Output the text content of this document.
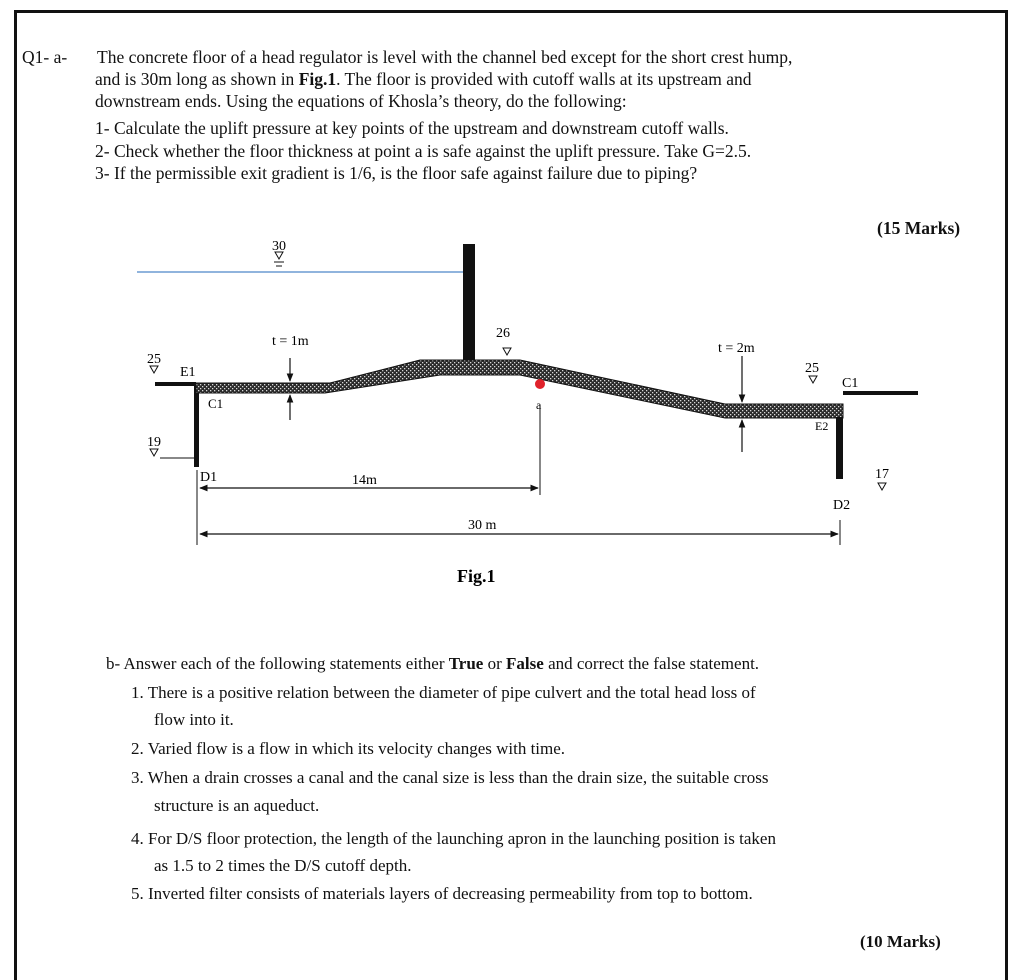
Q1- a- The concrete floor of a head regulator is level with the channel bed except for the short crest hump,
and is 30m long as shown in Fig.1. The floor is provided with cutoff walls at its upstream and
downstream ends. Using the equations of Khosla’s theory, do the following:
1- Calculate the uplift pressure at key points of the upstream and downstream cutoff walls.
2- Check whether the floor thickness at point a is safe against the uplift pressure. Take G=2.5.
3- If the permissible exit gradient is 1/6, is the floor safe against failure due to piping?
(15 Marks)
30
25
E1
C1
19
D1
t = 1m
26
a
t = 2m
25
C1
E2
17
D2
14m
30 m
Fig.1
b- Answer each of the following statements either True or False and correct the false statement.
1. There is a positive relation between the diameter of pipe culvert and the total head loss of
flow into it.
2. Varied flow is a flow in which its velocity changes with time.
3. When a drain crosses a canal and the canal size is less than the drain size, the suitable cross
structure is an aqueduct.
4. For D/S floor protection, the length of the launching apron in the launching position is taken
as 1.5 to 2 times the D/S cutoff depth.
5. Inverted filter consists of materials layers of decreasing permeability from top to bottom.
(10 Marks)
